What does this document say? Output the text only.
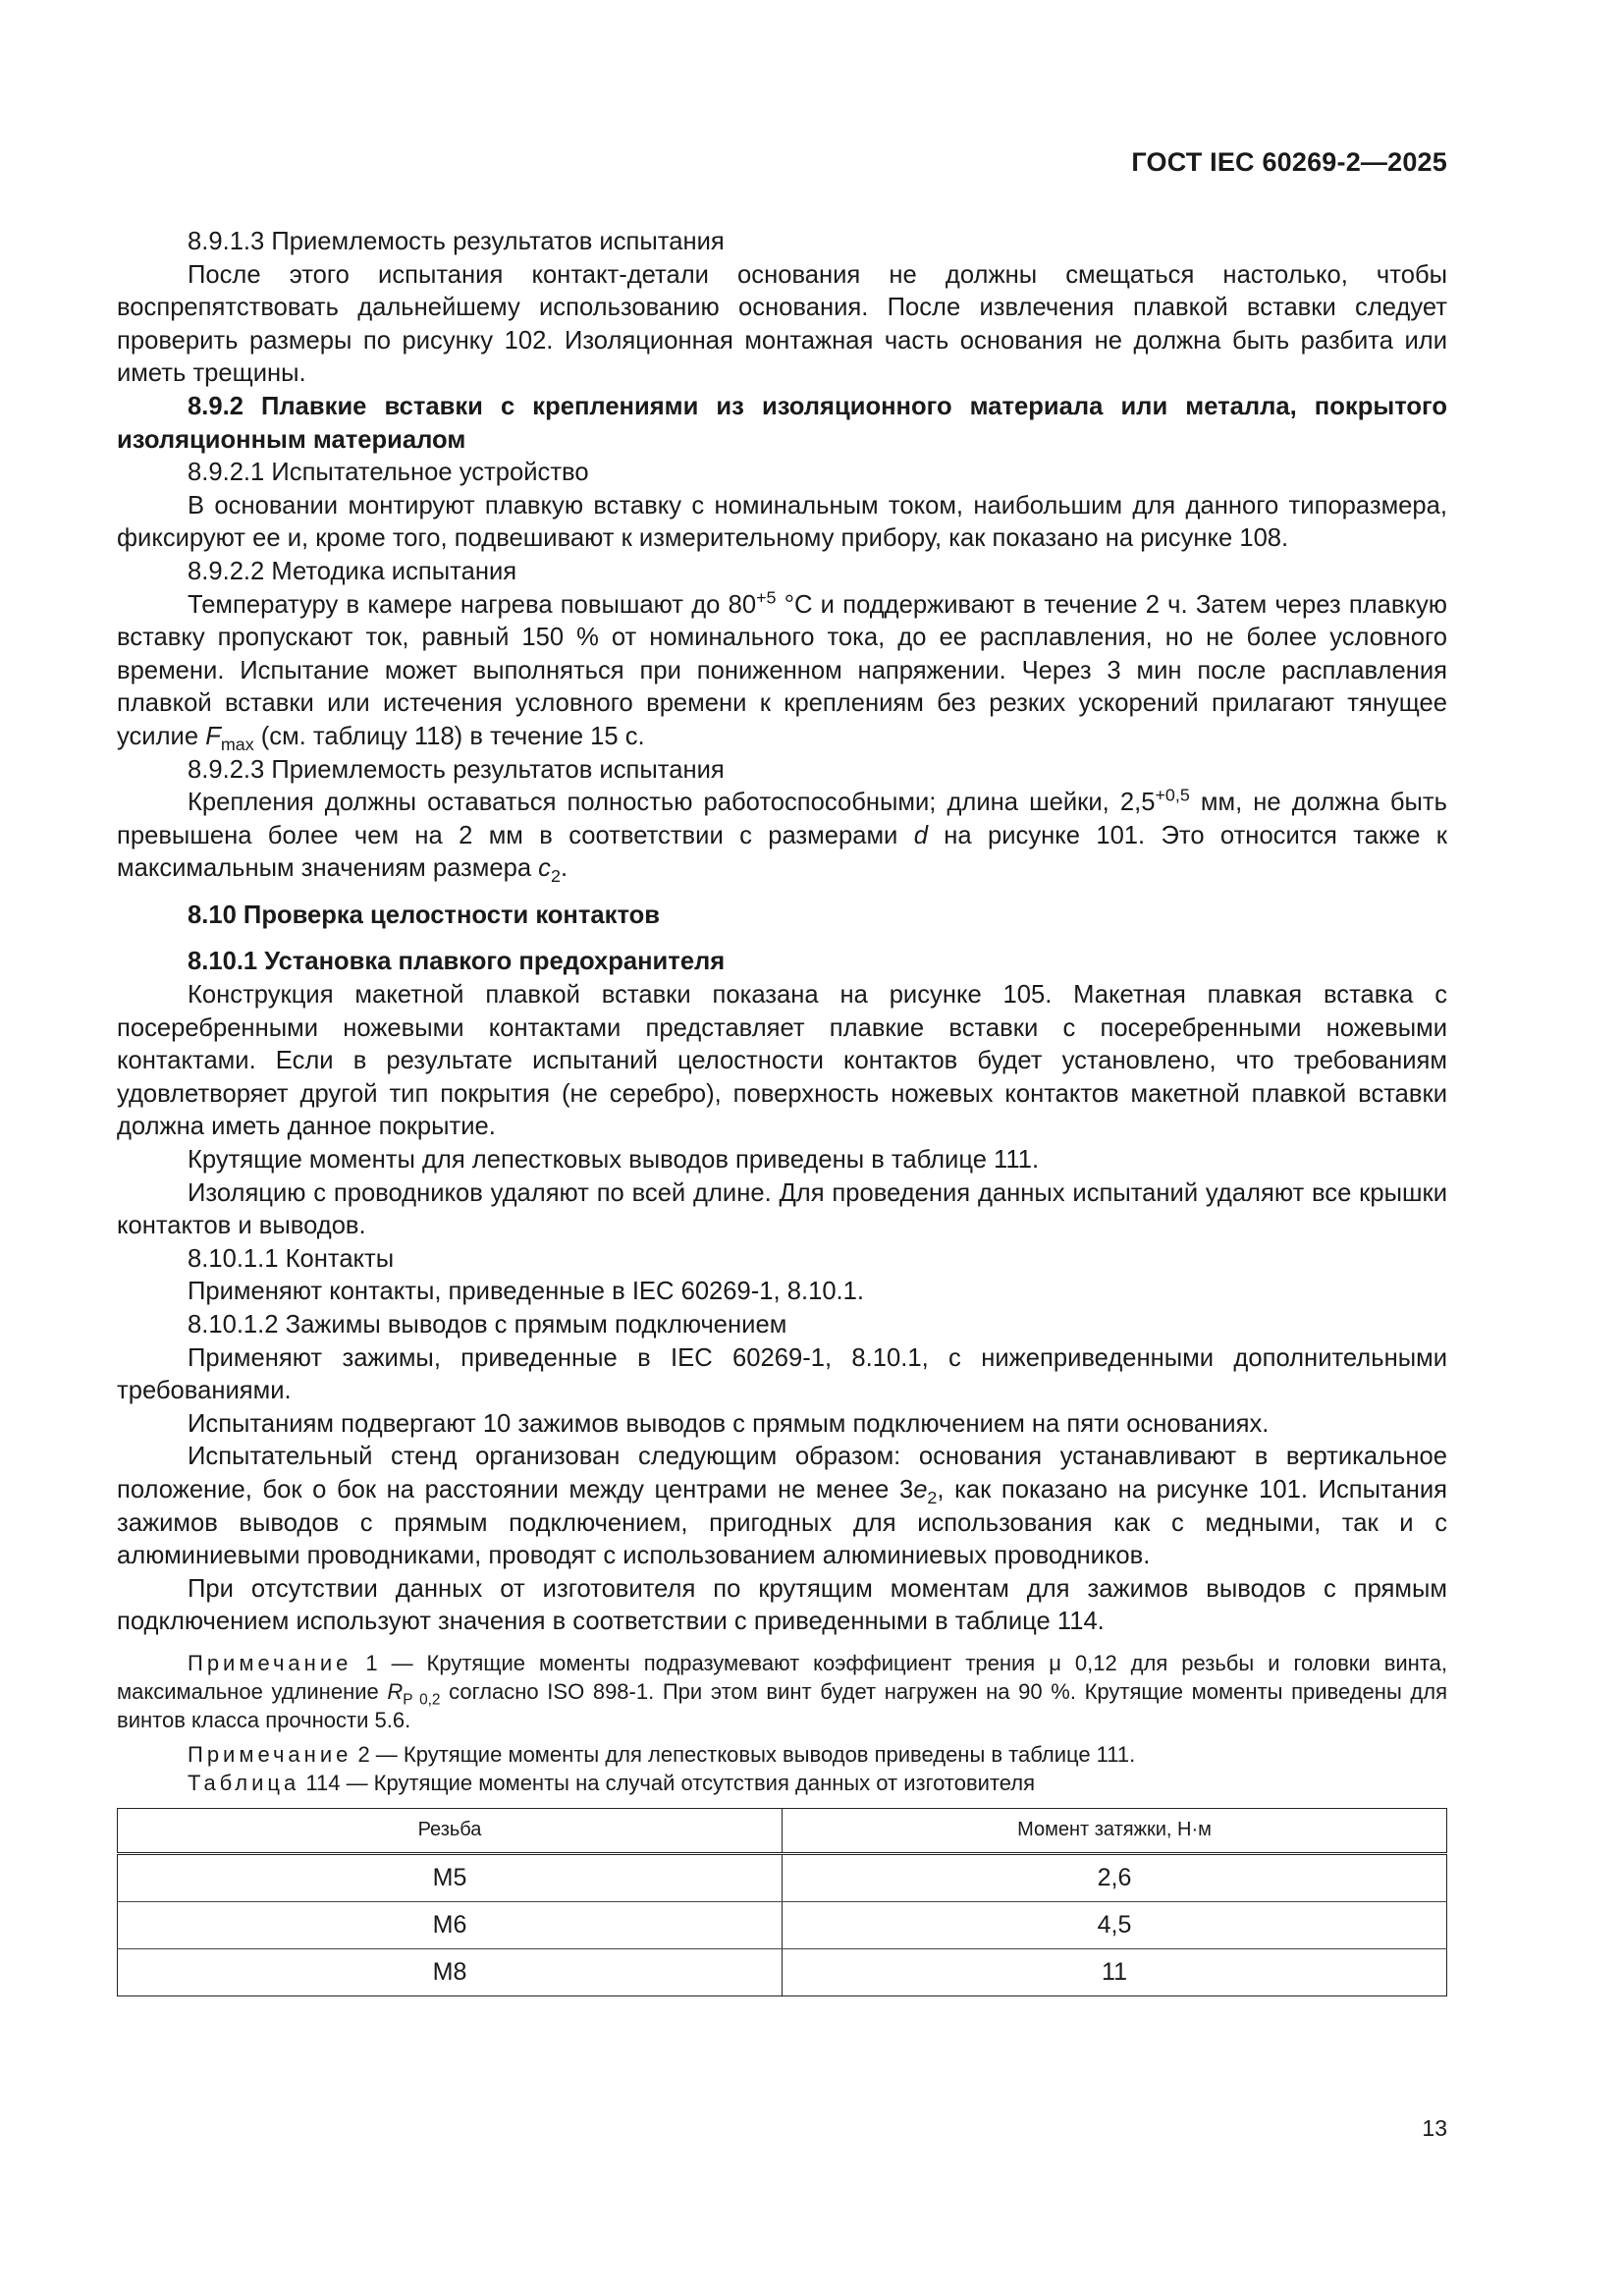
ГОСТ IEC 60269-2—2025

8.9.1.3 Приемлемость результатов испытания

После этого испытания контакт-детали основания не должны смещаться настолько, чтобы воспрепятствовать дальнейшему использованию основания. После извлечения плавкой вставки следует проверить размеры по рисунку 102. Изоляционная монтажная часть основания не должна быть разбита или иметь трещины.

8.9.2 Плавкие вставки с креплениями из изоляционного материала или металла, покрытого изоляционным материалом

8.9.2.1 Испытательное устройство

В основании монтируют плавкую вставку с номинальным током, наибольшим для данного типоразмера, фиксируют ее и, кроме того, подвешивают к измерительному прибору, как показано на рисунке 108.

8.9.2.2 Методика испытания

Температуру в камере нагрева повышают до $80^{+5}$ °С и поддерживают в течение 2 ч. Затем через плавкую вставку пропускают ток, равный 150 % от номинального тока, до ее расплавления, но не более условного времени. Испытание может выполняться при пониженном напряжении. Через 3 мин после расплавления плавкой вставки или истечения условного времени к креплениям без резких ускорений прилагают тянущее усилие $F_{max}$ (см. таблицу 118) в течение 15 с.

8.9.2.3 Приемлемость результатов испытания

Крепления должны оставаться полностью работоспособными; длина шейки, $2,5^{+0,5}$ мм, не должна быть превышена более чем на 2 мм в соответствии с размерами d на рисунке 101. Это относится также к максимальным значениям размера $c_2$.

8.10 Проверка целостности контактов

8.10.1 Установка плавкого предохранителя

Конструкция макетной плавкой вставки показана на рисунке 105. Макетная плавкая вставка с посеребренными ножевыми контактами представляет плавкие вставки с посеребренными ножевыми контактами. Если в результате испытаний целостности контактов будет установлено, что требованиям удовлетворяет другой тип покрытия (не серебро), поверхность ножевых контактов макетной плавкой вставки должна иметь данное покрытие.

Крутящие моменты для лепестковых выводов приведены в таблице 111.

Изоляцию с проводников удаляют по всей длине. Для проведения данных испытаний удаляют все крышки контактов и выводов.

8.10.1.1 Контакты

Применяют контакты, приведенные в IEC 60269-1, 8.10.1.

8.10.1.2 Зажимы выводов с прямым подключением

Применяют зажимы, приведенные в IEC 60269-1, 8.10.1, с нижеприведенными дополнительными требованиями.

Испытаниям подвергают 10 зажимов выводов с прямым подключением на пяти основаниях.

Испытательный стенд организован следующим образом: основания устанавливают в вертикальное положение, бок о бок на расстоянии между центрами не менее $3e_2$, как показано на рисунке 101. Испытания зажимов выводов с прямым подключением, пригодных для использования как с медными, так и с алюминиевыми проводниками, проводят с использованием алюминиевых проводников.

При отсутствии данных от изготовителя по крутящим моментам для зажимов выводов с прямым подключением используют значения в соответствии с приведенными в таблице 114.

Примечание 1 — Крутящие моменты подразумевают коэффициент трения μ 0,12 для резьбы и головки винта, максимальное удлинение $R_{P 0,2}$ согласно ISO 898-1. При этом винт будет нагружен на 90 %. Крутящие моменты приведены для винтов класса прочности 5.6.

Примечание 2 — Крутящие моменты для лепестковых выводов приведены в таблице 111.

Таблица 114 — Крутящие моменты на случай отсутствия данных от изготовителя

Резьба	Момент затяжки, Н·м
М5	2,6
М6	4,5
М8	11
13
